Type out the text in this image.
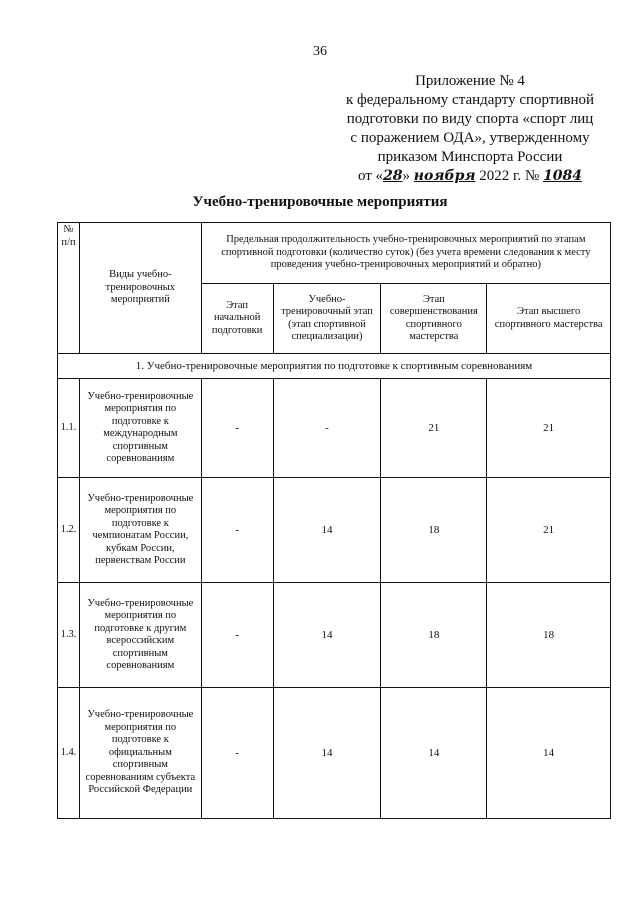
36
Приложение № 4
к федеральному стандарту спортивной
подготовки по виду спорта «спорт лиц
с поражением ОДА», утвержденному
приказом Минспорта России
от «28» ноября 2022 г. № 1084
Учебно-тренировочные мероприятия
№ п/п	Виды учебно-тренировочных мероприятий	Предельная продолжительность учебно-тренировочных мероприятий по этапам спортивной подготовки (количество суток) (без учета времени следования к месту проведения учебно-тренировочных мероприятий и обратно)			
		Этап начальной подготовки	Учебно-тренировочный этап (этап спортивной специализации)	Этап совершенствования спортивного мастерства	Этап высшего спортивного мастерства
1. Учебно-тренировочные мероприятия по подготовке к спортивным соревнованиям					
1.1.	Учебно-тренировочные мероприятия по подготовке к международным спортивным соревнованиям	-	-	21	21
1.2.	Учебно-тренировочные мероприятия по подготовке к чемпионатам России, кубкам России, первенствам России	-	14	18	21
1.3.	Учебно-тренировочные мероприятия по подготовке к другим всероссийским спортивным соревнованиям	-	14	18	18
1.4.	Учебно-тренировочные мероприятия по подготовке к официальным спортивным соревнованиям субъекта Российской Федерации	-	14	14	14
